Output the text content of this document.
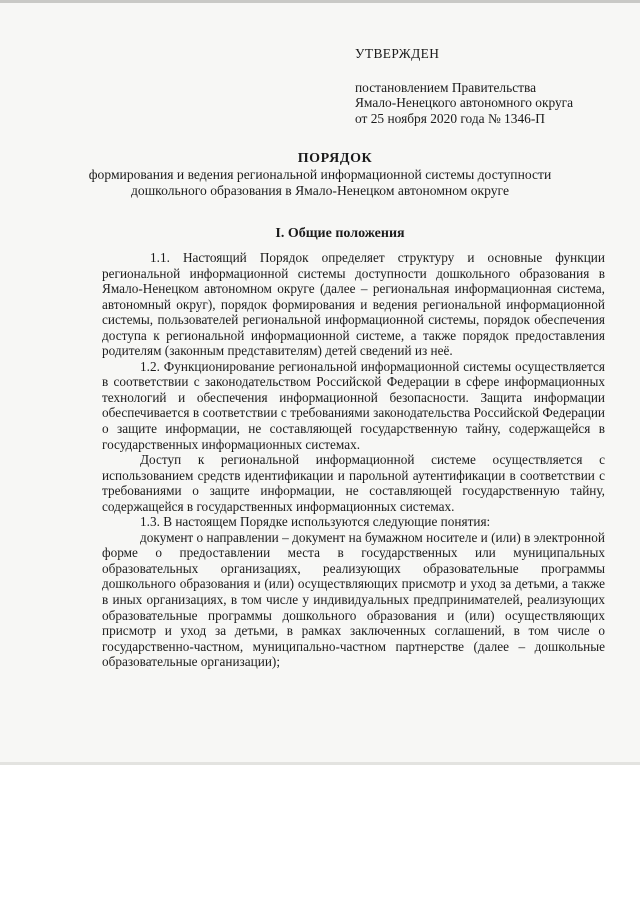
УТВЕРЖДЕН
постановлением Правительства
Ямало-Ненецкого автономного округа
от 25 ноября 2020 года № 1346-П
ПОРЯДОК
формирования и ведения региональной информационной системы доступности
дошкольного образования в Ямало-Ненецком автономном округе
I. Общие положения

1.1. Настоящий Порядок определяет структуру и основные функции региональной информационной системы доступности дошкольного образования в Ямало-Ненецком автономном округе (далее – региональная информационная система, автономный округ), порядок формирования и ведения региональной информационной системы, пользователей региональной информационной системы, порядок обеспечения доступа к региональной информационной системе, а также порядок предоставления родителям (законным представителям) детей сведений из неё.

1.2. Функционирование региональной информационной системы осуществляется в соответствии с законодательством Российской Федерации в сфере информационных технологий и обеспечения информационной безопасности. Защита информации обеспечивается в соответствии с требованиями законодательства Российской Федерации о защите информации, не составляющей государственную тайну, содержащейся в государственных информационных системах.

Доступ к региональной информационной системе осуществляется с использованием средств идентификации и парольной аутентификации в соответствии с требованиями о защите информации, не составляющей государственную тайну, содержащейся в государственных информационных системах.

1.3. В настоящем Порядке используются следующие понятия:

документ о направлении – документ на бумажном носителе и (или) в электронной форме о предоставлении места в государственных или муниципальных образовательных организациях, реализующих образовательные программы дошкольного образования и (или) осуществляющих присмотр и уход за детьми, а также в иных организациях, в том числе у индивидуальных предпринимателей, реализующих образовательные программы дошкольного образования и (или) осуществляющих присмотр и уход за детьми, в рамках заключенных соглашений, в том числе о государственно-частном, муниципально-частном партнерстве (далее – дошкольные образовательные организации);
